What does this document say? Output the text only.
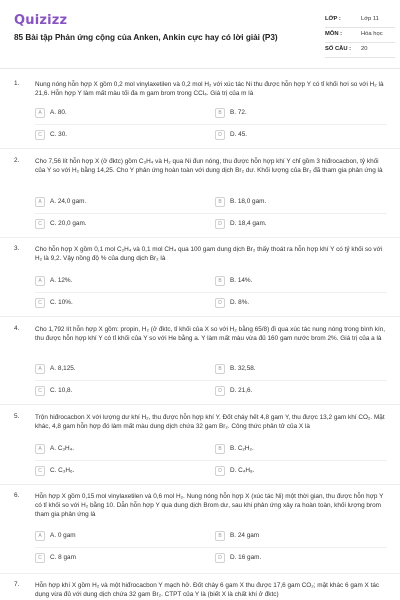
Quizizz
85 Bài tập Phản ứng cộng của Anken, Ankin cực hay có lời giải (P3)
LỚP :	Lớp 11
MÔN :	Hóa học
SỐ CÂU : 20
1. Nung nóng hỗn hợp X gồm 0,2 mol vinylaxetilen và 0,2 mol H₂ với xúc tác Ni thu được hỗn hợp Y có tỉ khối hơi so với H₂ là 21,6. Hỗn hợp Y làm mất màu tối đa m gam brom trong CCl₄. Giá trị của m là
A	A. 80.	B	B. 72.
C	C. 30.	D	D. 45.
2. Cho 7,56 lít hỗn hợp X (ở đktc) gồm C₃H₄ và H₂ qua Ni đun nóng, thu được hỗn hợp khí Y chỉ gồm 3 hiđrocacbon, tỷ khối của Y so với H₂ bằng 14,25. Cho Y phản ứng hoàn toàn với dung dịch Br₂ dư. Khối lượng của Br₂ đã tham gia phản ứng là
A	A. 24,0 gam.	B	B. 18,0 gam.
C	C. 20,0 gam.	D	D. 18,4 gam.
3. Cho hỗn hợp X gồm 0,1 mol C₂H₄ và 0,1 mol CH₄ qua 100 gam dung dịch Br₂ thấy thoát ra hỗn hợp khí Y có tỷ khối so với H₂ là 9,2. Vậy nồng độ % của dung dịch Br₂ là
A	A. 12%.	B	B. 14%.
C	C. 10%.	D	D. 8%.
4. Cho 1,792 lít hỗn hợp X gồm: propin, H₂ (ở đktc, tỉ khối của X so với H₂ bằng 65/8) đi qua xúc tác nung nóng trong bình kín, thu được hỗn hợp khí Y có tỉ khối của Y so với He bằng a. Y làm mất màu vừa đủ 160 gam nước brom 2%. Giá trị của a là
A	A. 8,125.	B	B. 32,58.
C	C. 10,8.	D	D. 21,6.
5. Trộn hiđrocacbon X với lượng dư khí H₂, thu được hỗn hợp khí Y. Đốt cháy hết 4,8 gam Y, thu được 13,2 gam khí CO₂. Mặt khác, 4,8 gam hỗn hợp đó làm mất màu dung dịch chứa 32 gam Br₂. Công thức phân tử của X là
A	A. C₃H₄.	B	B. C₂H₂.
C	C. C₃H₆.	D	D. C₄H₈.
6. Hỗn hợp X gồm 0,15 mol vinylaxetilen và 0,6 mol H₂. Nung nóng hỗn hợp X (xúc tác Ni) một thời gian, thu được hỗn hợp Y có tỉ khối so với H₂ bằng 10. Dẫn hỗn hợp Y qua dung dịch Brom dư, sau khi phản ứng xảy ra hoàn toàn, khối lượng brom tham gia phản ứng là
A	A. 0 gam	B	B. 24 gam
C	C. 8 gam	D	D. 16 gam.
7. Hỗn hợp khí X gồm H₂ và một hiđrocacbon Y mạch hở. Đốt cháy 6 gam X thu được 17,6 gam CO₂; mặt khác 6 gam X tác dụng vừa đủ với dung dịch chứa 32 gam Br₂. CTPT của Y là (biết X là chất khí ở đktc)
